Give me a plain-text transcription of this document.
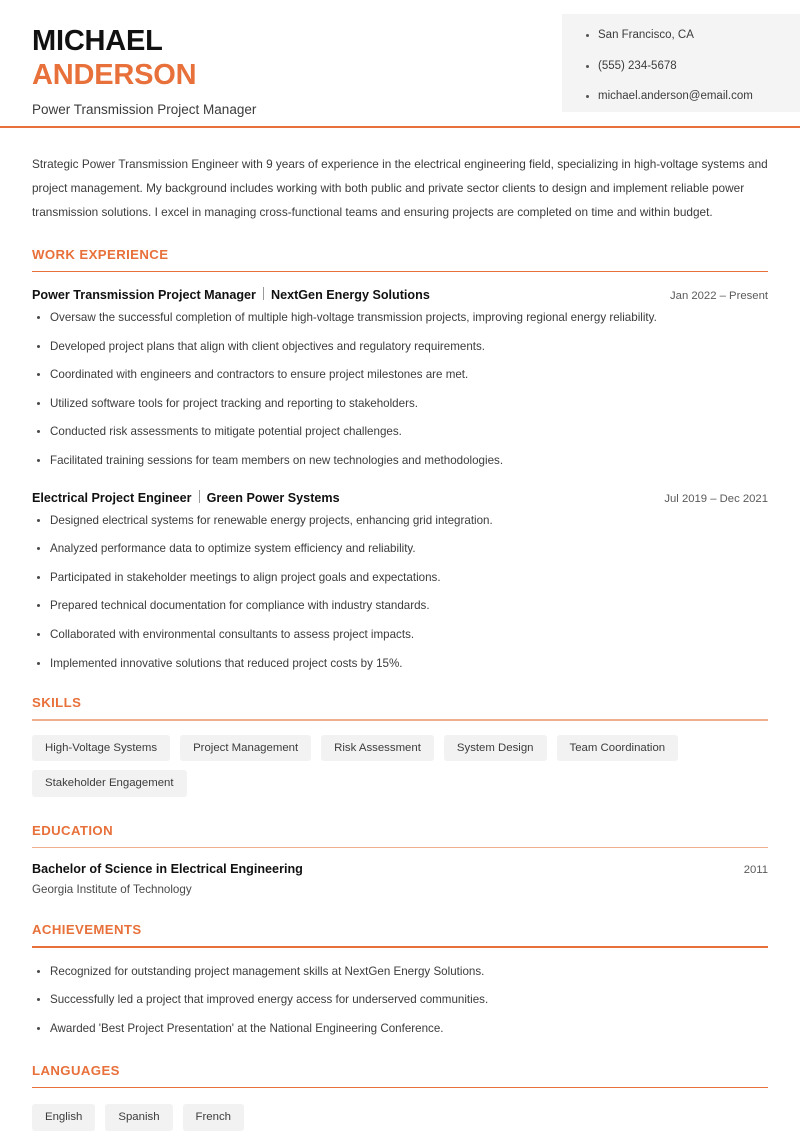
MICHAEL
ANDERSON
Power Transmission Project Manager
San Francisco, CA
(555) 234-5678
michael.anderson@email.com
Strategic Power Transmission Engineer with 9 years of experience in the electrical engineering field, specializing in high-voltage systems and project management. My background includes working with both public and private sector clients to design and implement reliable power transmission solutions. I excel in managing cross-functional teams and ensuring projects are completed on time and within budget.
WORK EXPERIENCE
Power Transmission Project Manager NextGen Energy Solutions	Jan 2022 – Present
Oversaw the successful completion of multiple high-voltage transmission projects, improving regional energy reliability.
Developed project plans that align with client objectives and regulatory requirements.
Coordinated with engineers and contractors to ensure project milestones are met.
Utilized software tools for project tracking and reporting to stakeholders.
Conducted risk assessments to mitigate potential project challenges.
Facilitated training sessions for team members on new technologies and methodologies.
Electrical Project Engineer Green Power Systems	Jul 2019 – Dec 2021
Designed electrical systems for renewable energy projects, enhancing grid integration.
Analyzed performance data to optimize system efficiency and reliability.
Participated in stakeholder meetings to align project goals and expectations.
Prepared technical documentation for compliance with industry standards.
Collaborated with environmental consultants to assess project impacts.
Implemented innovative solutions that reduced project costs by 15%.
SKILLS
High-Voltage Systems	Project Management	Risk Assessment	System Design	Team Coordination
Stakeholder Engagement
EDUCATION
Bachelor of Science in Electrical Engineering	2011
Georgia Institute of Technology
ACHIEVEMENTS
Recognized for outstanding project management skills at NextGen Energy Solutions.
Successfully led a project that improved energy access for underserved communities.
Awarded 'Best Project Presentation' at the National Engineering Conference.
LANGUAGES
English	Spanish	French
